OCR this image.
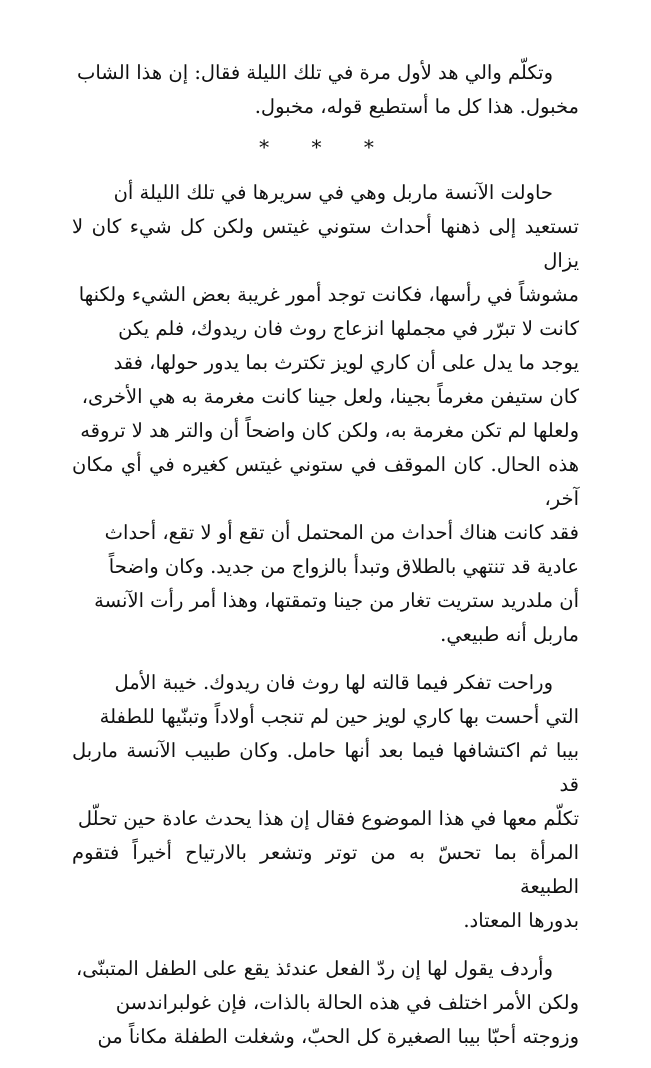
وتكلّم والي هد لأول مرة في تلك الليلة فقال: إن هذا الشاب
مخبول. هذا كل ما أستطيع قوله، مخبول.

* * *

حاولت الآنسة ماربل وهي في سريرها في تلك الليلة أن
تستعيد إلى ذهنها أحداث ستوني غيتس ولكن كل شيء كان لا يزال
مشوشاً في رأسها، فكانت توجد أمور غريبة بعض الشيء ولكنها
كانت لا تبرّر في مجملها انزعاج روث فان ريدوك، فلم يكن
يوجد ما يدل على أن كاري لويز تكترث بما يدور حولها، فقد
كان ستيفن مغرماً بجينا، ولعل جينا كانت مغرمة به هي الأخرى،
ولعلها لم تكن مغرمة به، ولكن كان واضحاً أن والتر هد لا تروقه
هذه الحال. كان الموقف في ستوني غيتس كغيره في أي مكان آخر،
فقد كانت هناك أحداث من المحتمل أن تقع أو لا تقع، أحداث
عادية قد تنتهي بالطلاق وتبدأ بالزواج من جديد. وكان واضحاً
أن ملدريد ستريت تغار من جينا وتمقتها، وهذا أمر رأت الآنسة
ماربل أنه طبيعي.

وراحت تفكر فيما قالته لها روث فان ريدوك. خيبة الأمل
التي أحست بها كاري لويز حين لم تنجب أولاداً وتبنّيها للطفلة
بيبا ثم اكتشافها فيما بعد أنها حامل. وكان طبيب الآنسة ماربل قد
تكلّم معها في هذا الموضوع فقال إن هذا يحدث عادة حين تحلّل
المرأة بما تحسّ به من توتر وتشعر بالارتياح أخيراً فتقوم الطبيعة
بدورها المعتاد.

وأردف يقول لها إن ردّ الفعل عندئذ يقع على الطفل المتبنّى،
ولكن الأمر اختلف في هذه الحالة بالذات، فإن غولبراندسن
وزوجته أحبّا بيبا الصغيرة كل الحبّ، وشغلت الطفلة مكاناً من
